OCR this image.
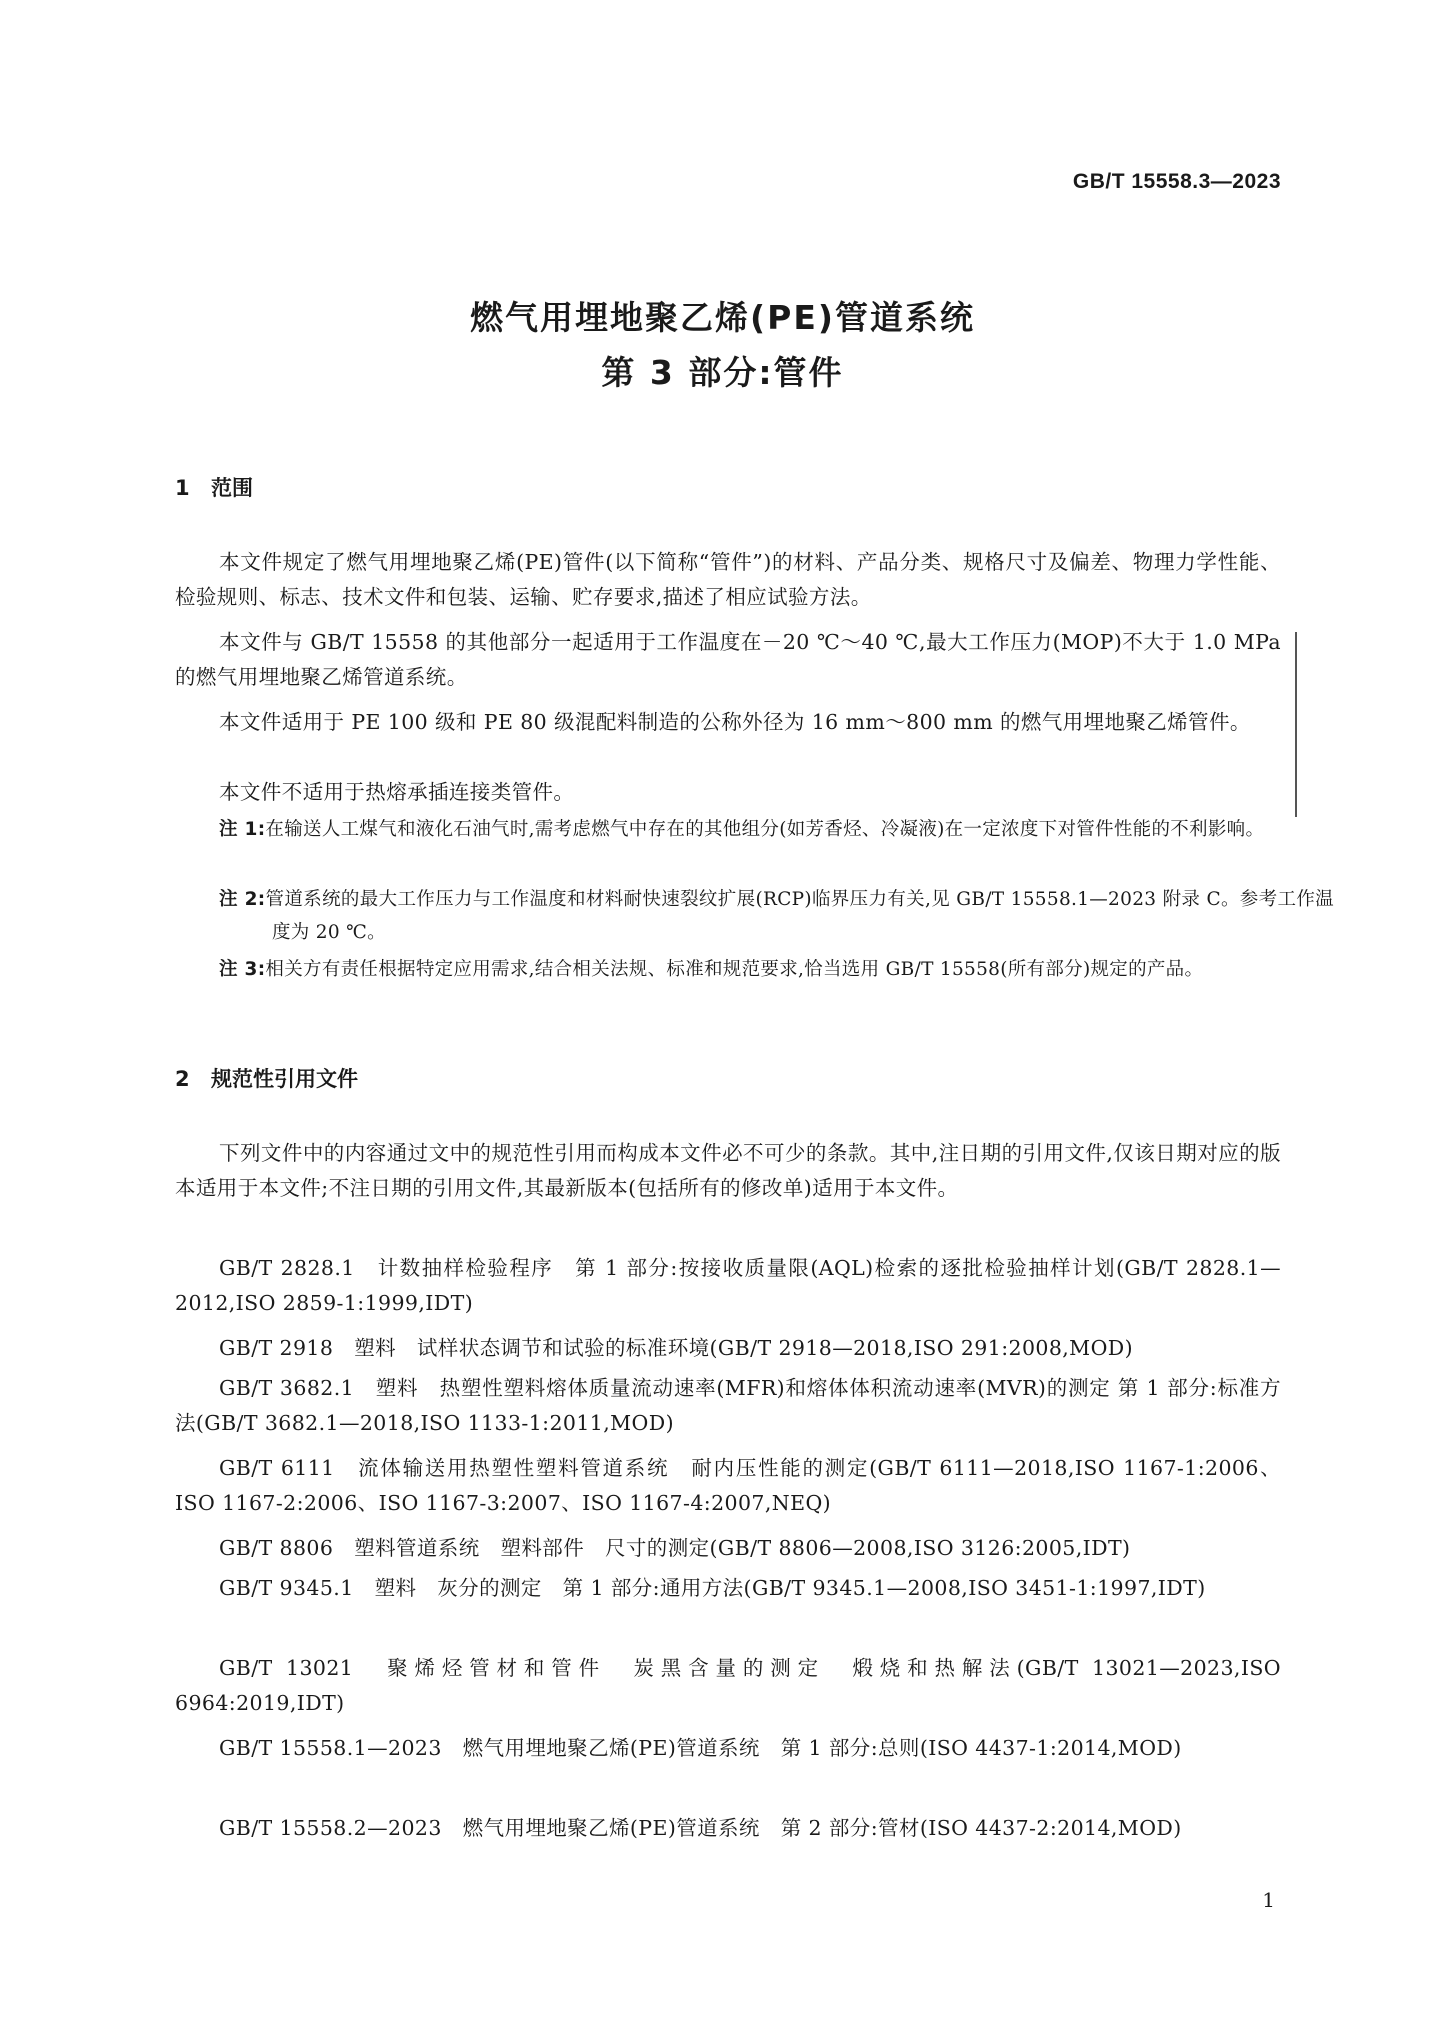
GB/T 15558.3—2023
燃气用埋地聚乙烯(PE)管道系统
第 3 部分:管件
1 范围
本文件规定了燃气用埋地聚乙烯(PE)管件(以下简称“管件”)的材料、产品分类、规格尺寸及偏差、物理力学性能、检验规则、标志、技术文件和包装、运输、贮存要求,描述了相应试验方法。
本文件与 GB/T 15558 的其他部分一起适用于工作温度在－20 ℃～40 ℃,最大工作压力(MOP)不大于 1.0 MPa 的燃气用埋地聚乙烯管道系统。
本文件适用于 PE 100 级和 PE 80 级混配料制造的公称外径为 16 mm～800 mm 的燃气用埋地聚乙烯管件。
本文件不适用于热熔承插连接类管件。
注 1:在输送人工煤气和液化石油气时,需考虑燃气中存在的其他组分(如芳香烃、冷凝液)在一定浓度下对管件性能的不利影响。
注 2:管道系统的最大工作压力与工作温度和材料耐快速裂纹扩展(RCP)临界压力有关,见 GB/T 15558.1—2023 附录 C。参考工作温度为 20 ℃。
注 3:相关方有责任根据特定应用需求,结合相关法规、标准和规范要求,恰当选用 GB/T 15558(所有部分)规定的产品。
2 规范性引用文件
下列文件中的内容通过文中的规范性引用而构成本文件必不可少的条款。其中,注日期的引用文件,仅该日期对应的版本适用于本文件;不注日期的引用文件,其最新版本(包括所有的修改单)适用于本文件。
GB/T 2828.1　计数抽样检验程序　第 1 部分:按接收质量限(AQL)检索的逐批检验抽样计划(GB/T 2828.1—2012,ISO 2859-1:1999,IDT)
GB/T 2918　塑料　试样状态调节和试验的标准环境(GB/T 2918—2018,ISO 291:2008,MOD)
GB/T 3682.1　塑料　热塑性塑料熔体质量流动速率(MFR)和熔体体积流动速率(MVR)的测定 第 1 部分:标准方法(GB/T 3682.1—2018,ISO 1133-1:2011,MOD)
GB/T 6111　流体输送用热塑性塑料管道系统　耐内压性能的测定(GB/T 6111—2018,ISO 1167-1:2006、ISO 1167-2:2006、ISO 1167-3:2007、ISO 1167-4:2007,NEQ)
GB/T 8806　塑料管道系统　塑料部件　尺寸的测定(GB/T 8806—2008,ISO 3126:2005,IDT)
GB/T 9345.1　塑料　灰分的测定　第 1 部分:通用方法(GB/T 9345.1—2008,ISO 3451-1:1997,IDT)
GB/T 13021　聚烯烃管材和管件　炭黑含量的测定　煅烧和热解法(GB/T 13021—2023,ISO 6964:2019,IDT)
GB/T 15558.1—2023　燃气用埋地聚乙烯(PE)管道系统　第 1 部分:总则(ISO 4437-1:2014,MOD)
GB/T 15558.2—2023　燃气用埋地聚乙烯(PE)管道系统　第 2 部分:管材(ISO 4437-2:2014,MOD)
1
